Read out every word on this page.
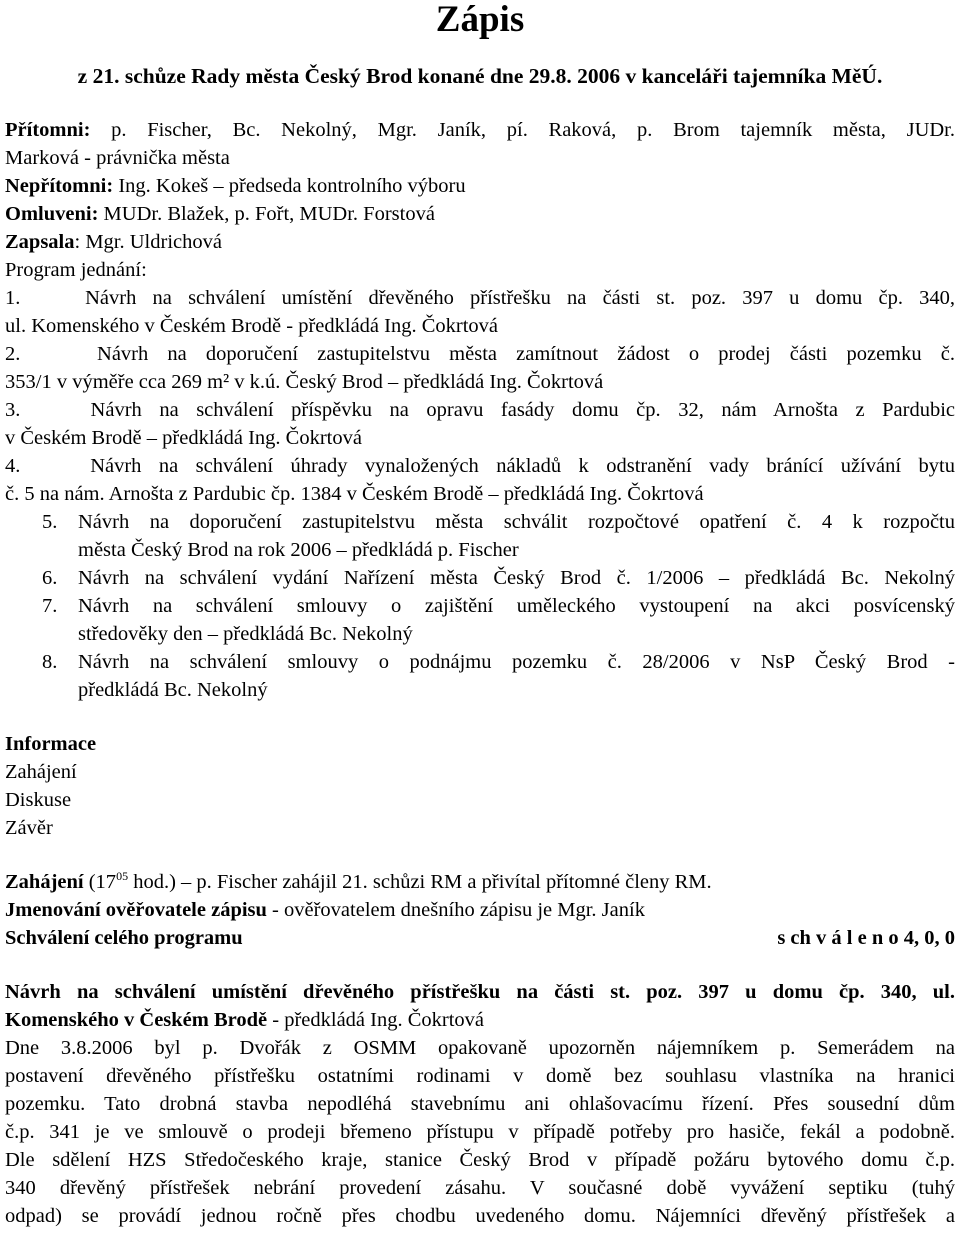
Zápis
z 21. schůze Rady města Český Brod konané dne 29.8. 2006 v kanceláři tajemníka MěÚ.

Přítomni: p. Fischer, Bc. Nekolný, Mgr. Janík, pí. Raková, p. Brom tajemník města, JUDr.

Marková - právnička města

Nepřítomni: Ing. Kokeš – předseda kontrolního výboru

Omluveni: MUDr. Blažek, p. Fořt, MUDr. Forstová

Zapsala: Mgr. Uldrichová

Program jednání:

1.	Návrh na schválení umístění dřevěného přístřešku na části st. poz. 397 u domu čp. 340,

ul. Komenského v Českém Brodě - předkládá Ing. Čokrtová

2.	Návrh na doporučení zastupitelstvu města zamítnout žádost o prodej části pozemku č.

353/1 v výměře cca 269 m² v k.ú. Český Brod – předkládá Ing. Čokrtová

3.	Návrh na schválení příspěvku na opravu fasády domu čp. 32, nám Arnošta z Pardubic

v Českém Brodě – předkládá Ing. Čokrtová

4.	Návrh na schválení úhrady vynaložených nákladů k odstranění vady bránící užívání bytu

č. 5 na nám. Arnošta z Pardubic čp. 1384 v Českém Brodě – předkládá Ing. Čokrtová

5.	Návrh na doporučení zastupitelstvu města schválit rozpočtové opatření č. 4 k rozpočtu

města Český Brod na rok 2006 – předkládá p. Fischer

6.	Návrh na schválení vydání Nařízení města Český Brod č. 1/2006 – předkládá Bc. Nekolný

7.	Návrh na schválení smlouvy o zajištění uměleckého vystoupení na akci posvícenský

středověky den – předkládá Bc. Nekolný

8.	Návrh na schválení smlouvy o podnájmu pozemku č. 28/2006 v NsP Český Brod -

předkládá Bc. Nekolný

Informace

Zahájení

Diskuse

Závěr

Zahájení ($17^{05}$ hod.) – p. Fischer zahájil 21. schůzi RM a přivítal přítomné členy RM.

Jmenování ověřovatele zápisu - ověřovatelem dnešního zápisu je Mgr. Janík

Schválení celého programu	s ch v á l e n o 4, 0, 0

Návrh na schválení umístění dřevěného přístřešku na části st. poz. 397 u domu čp. 340, ul.

Komenského v Českém Brodě - předkládá Ing. Čokrtová

Dne 3.8.2006 byl p. Dvořák z OSMM opakovaně upozorněn nájemníkem p. Semerádem na

postavení dřevěného přístřešku ostatními rodinami v domě bez souhlasu vlastníka na hranici

pozemku. Tato drobná stavba nepodléhá stavebnímu ani ohlašovacímu řízení. Přes sousední dům

č.p. 341 je ve smlouvě o prodeji břemeno přístupu v případě potřeby pro hasiče, fekál a podobně.

Dle sdělení HZS Středočeského kraje, stanice Český Brod v případě požáru bytového domu č.p.

340 dřevěný přístřešek nebrání provedení zásahu. V současné době vyvážení septiku (tuhý

odpad) se provádí jednou ročně přes chodbu uvedeného domu. Nájemníci dřevěný přístřešek a
